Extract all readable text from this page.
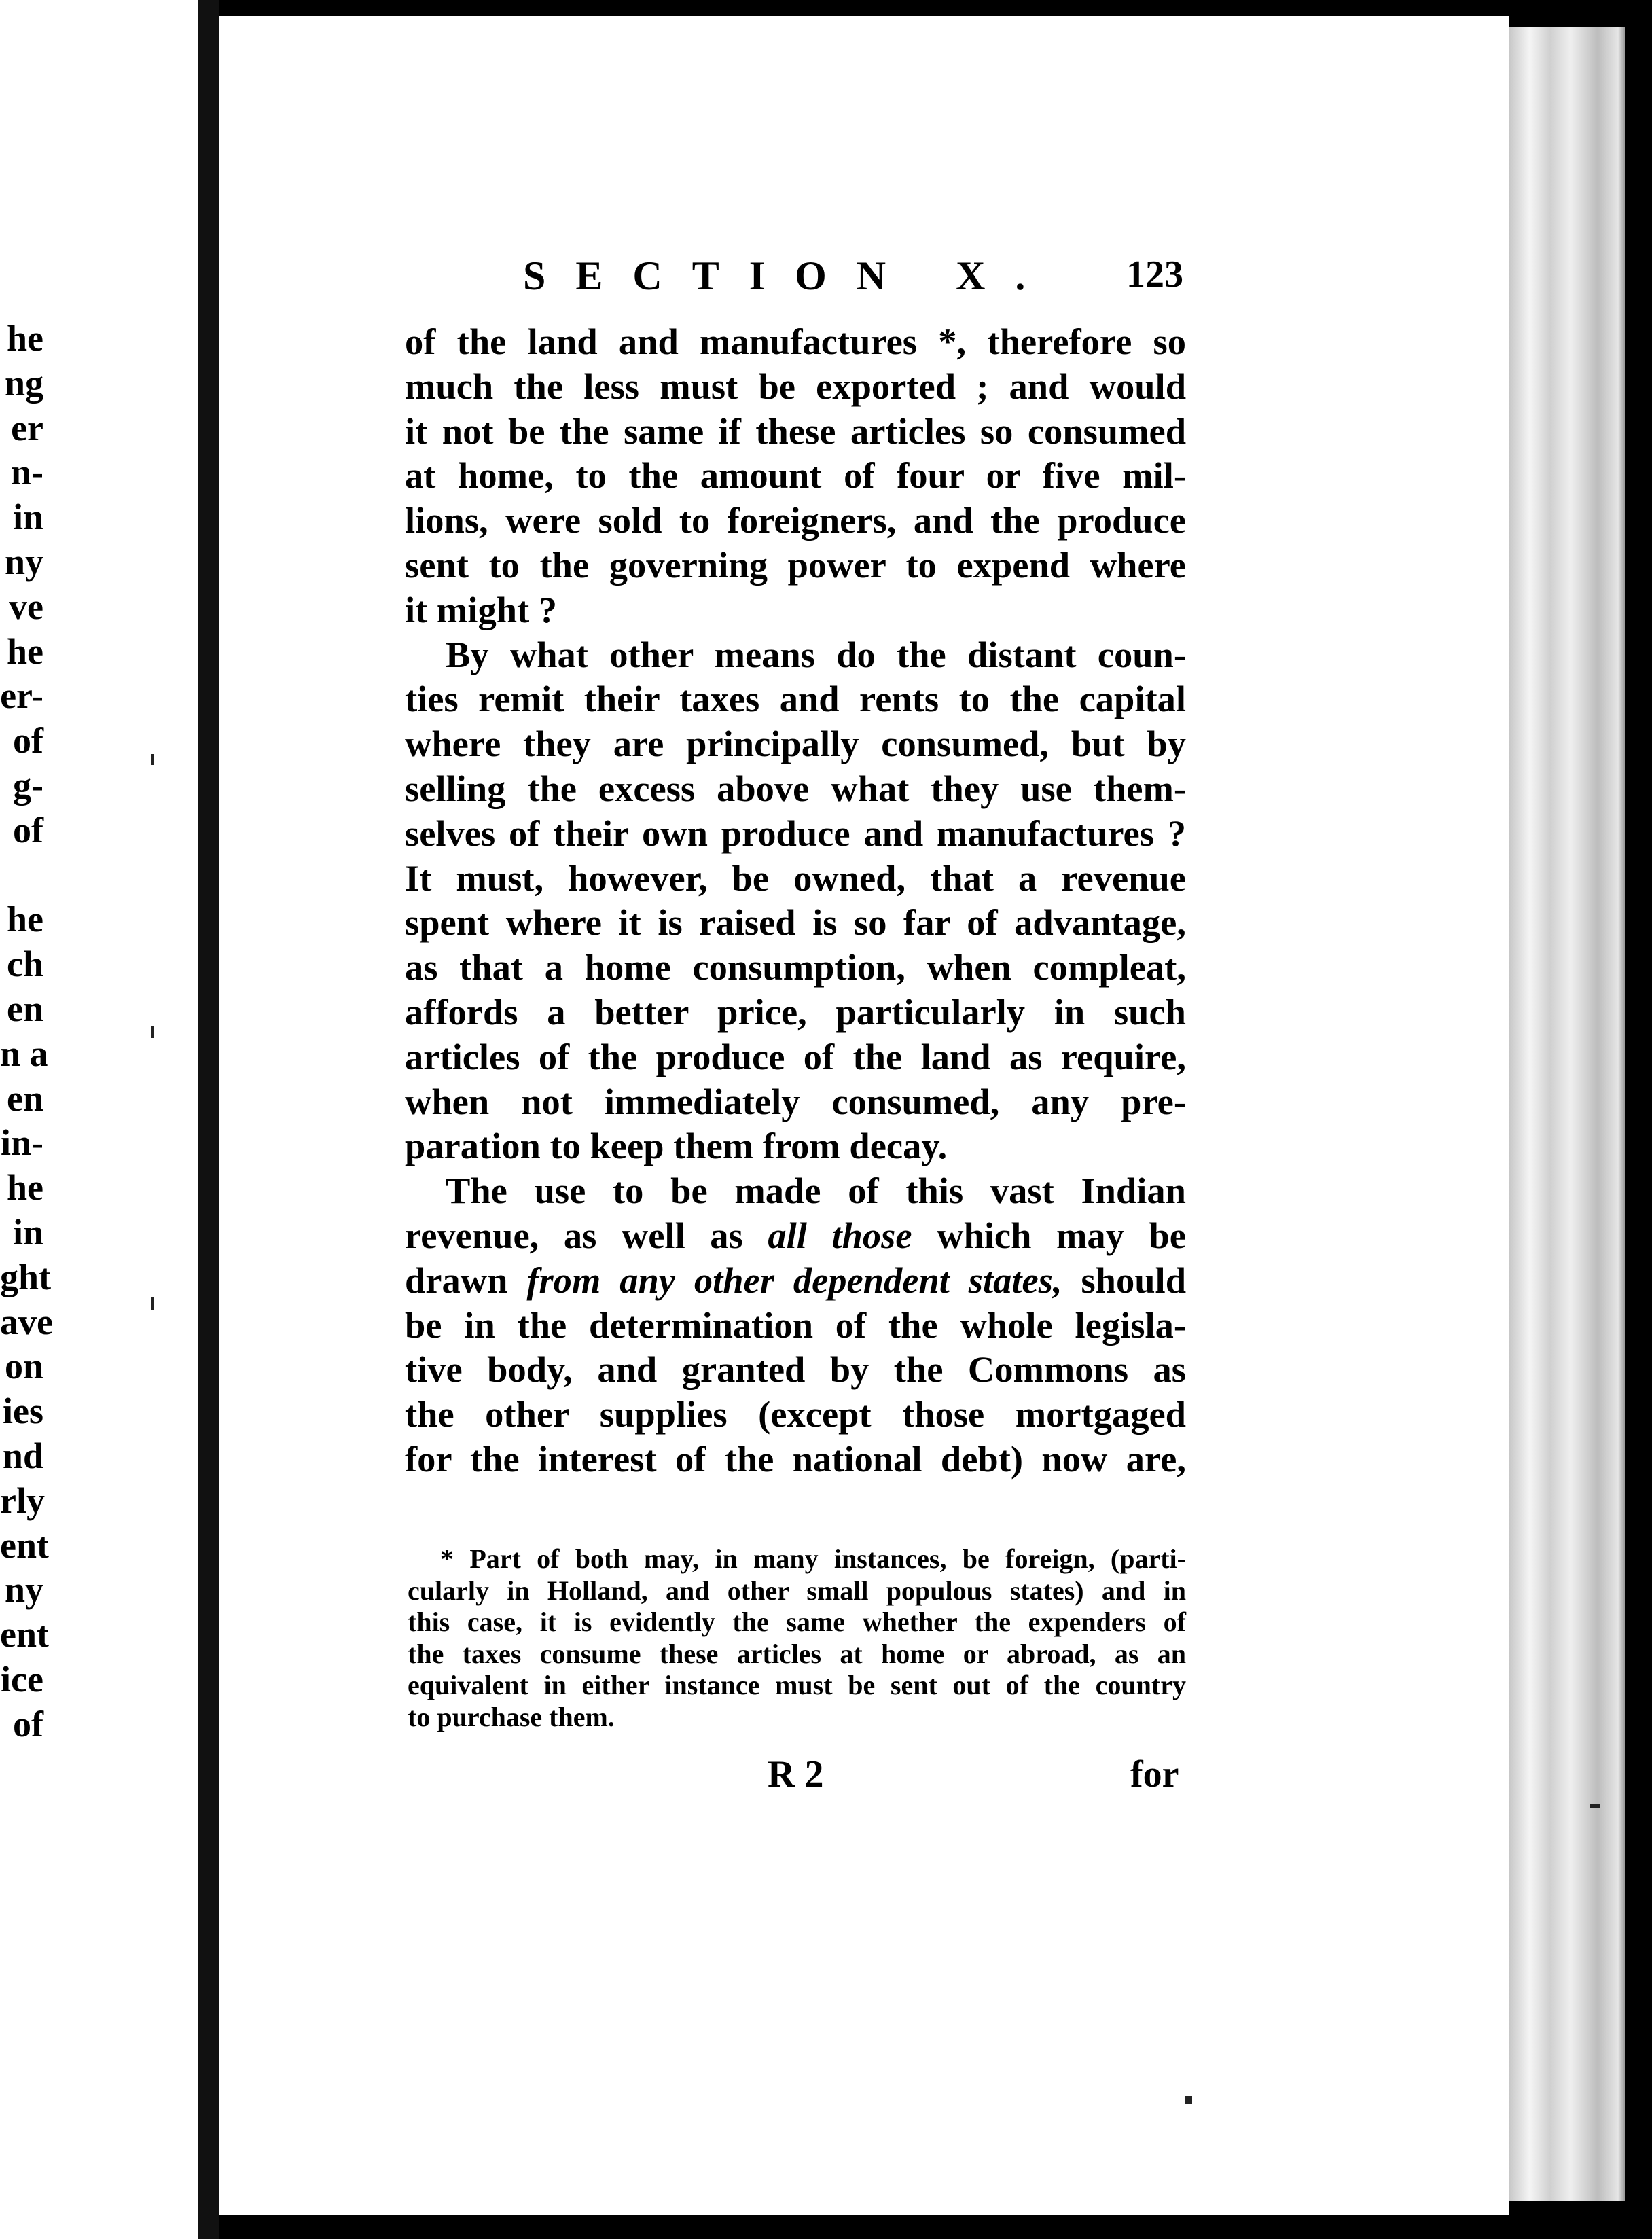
he
ng
er
n-
in
ny
ve
he
er-
of
g-
of
he
ch
en
n a
en
in-
he
in
ght
ave
on
ies
nd
rly
ent
ny
ent
ice
of
SECTION X. 123

of the land and manufactures *, therefore so
much the less must be exported ; and would
it not be the same if these articles so consumed
at home, to the amount of four or five mil-
lions, were sold to foreigners, and the produce
sent to the governing power to expend where
it might ?

By what other means do the distant coun-
ties remit their taxes and rents to the capital
where they are principally consumed, but by
selling the excess above what they use them-
selves of their own produce and manufactures ?
It must, however, be owned, that a revenue
spent where it is raised is so far of advantage,
as that a home consumption, when compleat,
affords a better price, particularly in such
articles of the produce of the land as require,
when not immediately consumed, any pre-
paration to keep them from decay.

The use to be made of this vast Indian
revenue, as well as all those which may be
drawn from any other dependent states, should
be in the determination of the whole legisla-
tive body, and granted by the Commons as
the other supplies (except those mortgaged
for the interest of the national debt) now are,

* Part of both may, in many instances, be foreign, (parti-
cularly in Holland, and other small populous states) and in
this case, it is evidently the same whether the expenders of
the taxes consume these articles at home or abroad, as an
equivalent in either instance must be sent out of the country
to purchase them.
R 2	for
